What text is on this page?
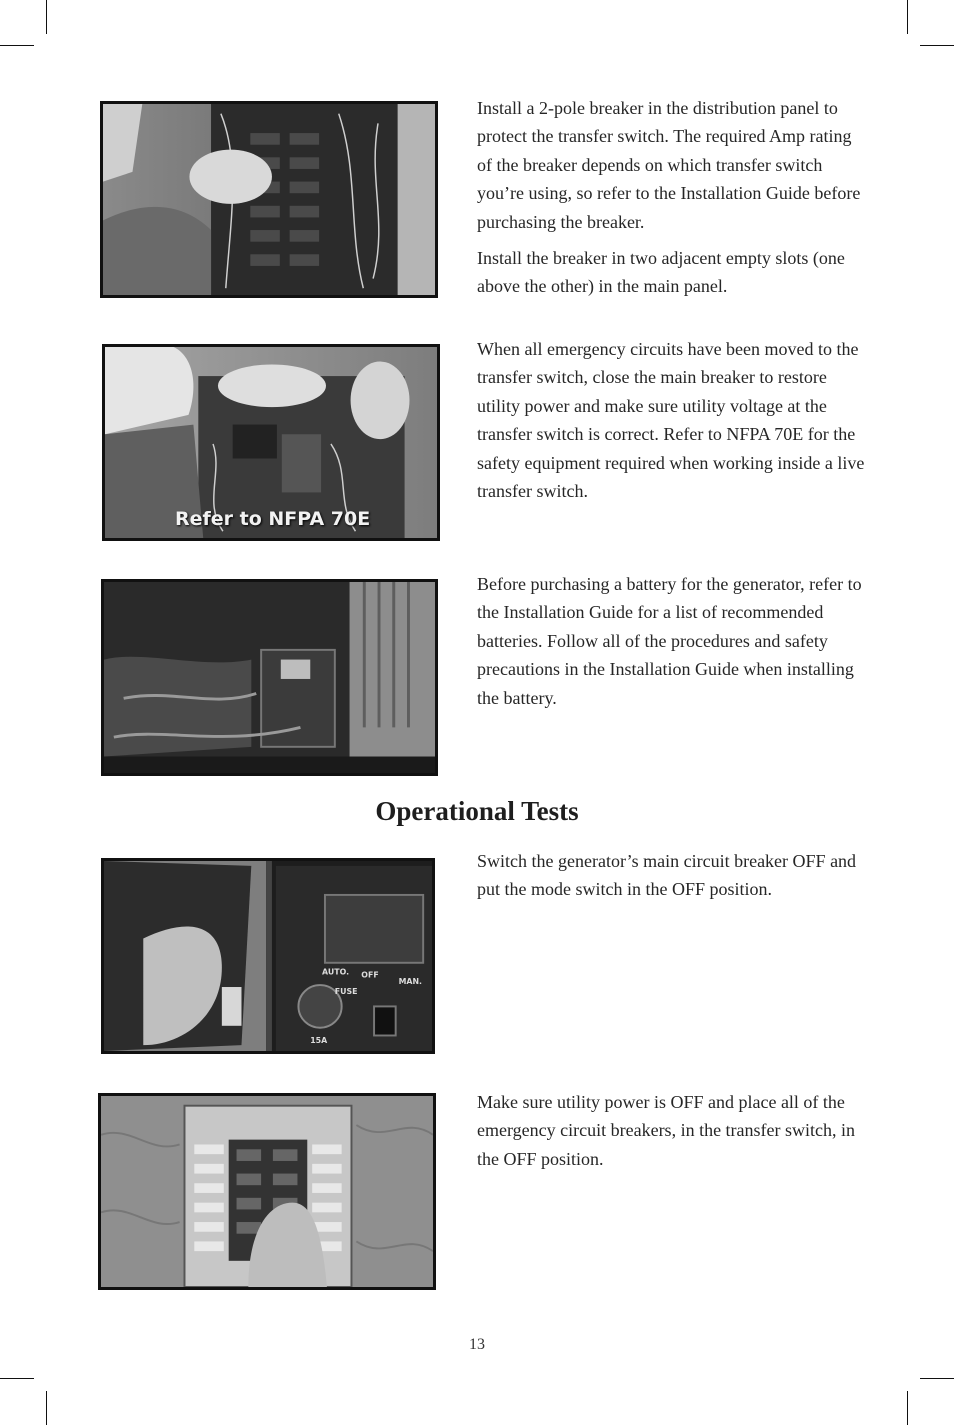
Install a 2-pole breaker in the distribution panel to protect the transfer switch. The required Amp rating of the breaker depends on which transfer switch you’re using, so refer to the Installation Guide before purchasing the breaker.

Install the breaker in two adjacent empty slots (one above the other) in the main panel.

Refer to NFPA 70E

When all emergency circuits have been moved to the transfer switch, close the main breaker to restore utility power and make sure utility voltage at the transfer switch is correct. Refer to NFPA 70E for the safety equipment required when working inside a live transfer switch.

Before purchasing a battery for the generator, refer to the Installation Guide for a list of recommended batteries. Follow all of the procedures and safety precautions in the Installation Guide when installing the battery.

Operational Tests
AUTO. OFF
MAN.
FUSE
15A

Switch the generator’s main circuit breaker OFF and put the mode switch in the OFF position.

Make sure utility power is OFF and place all of the emergency circuit breakers, in the transfer switch, in the OFF position.

13
